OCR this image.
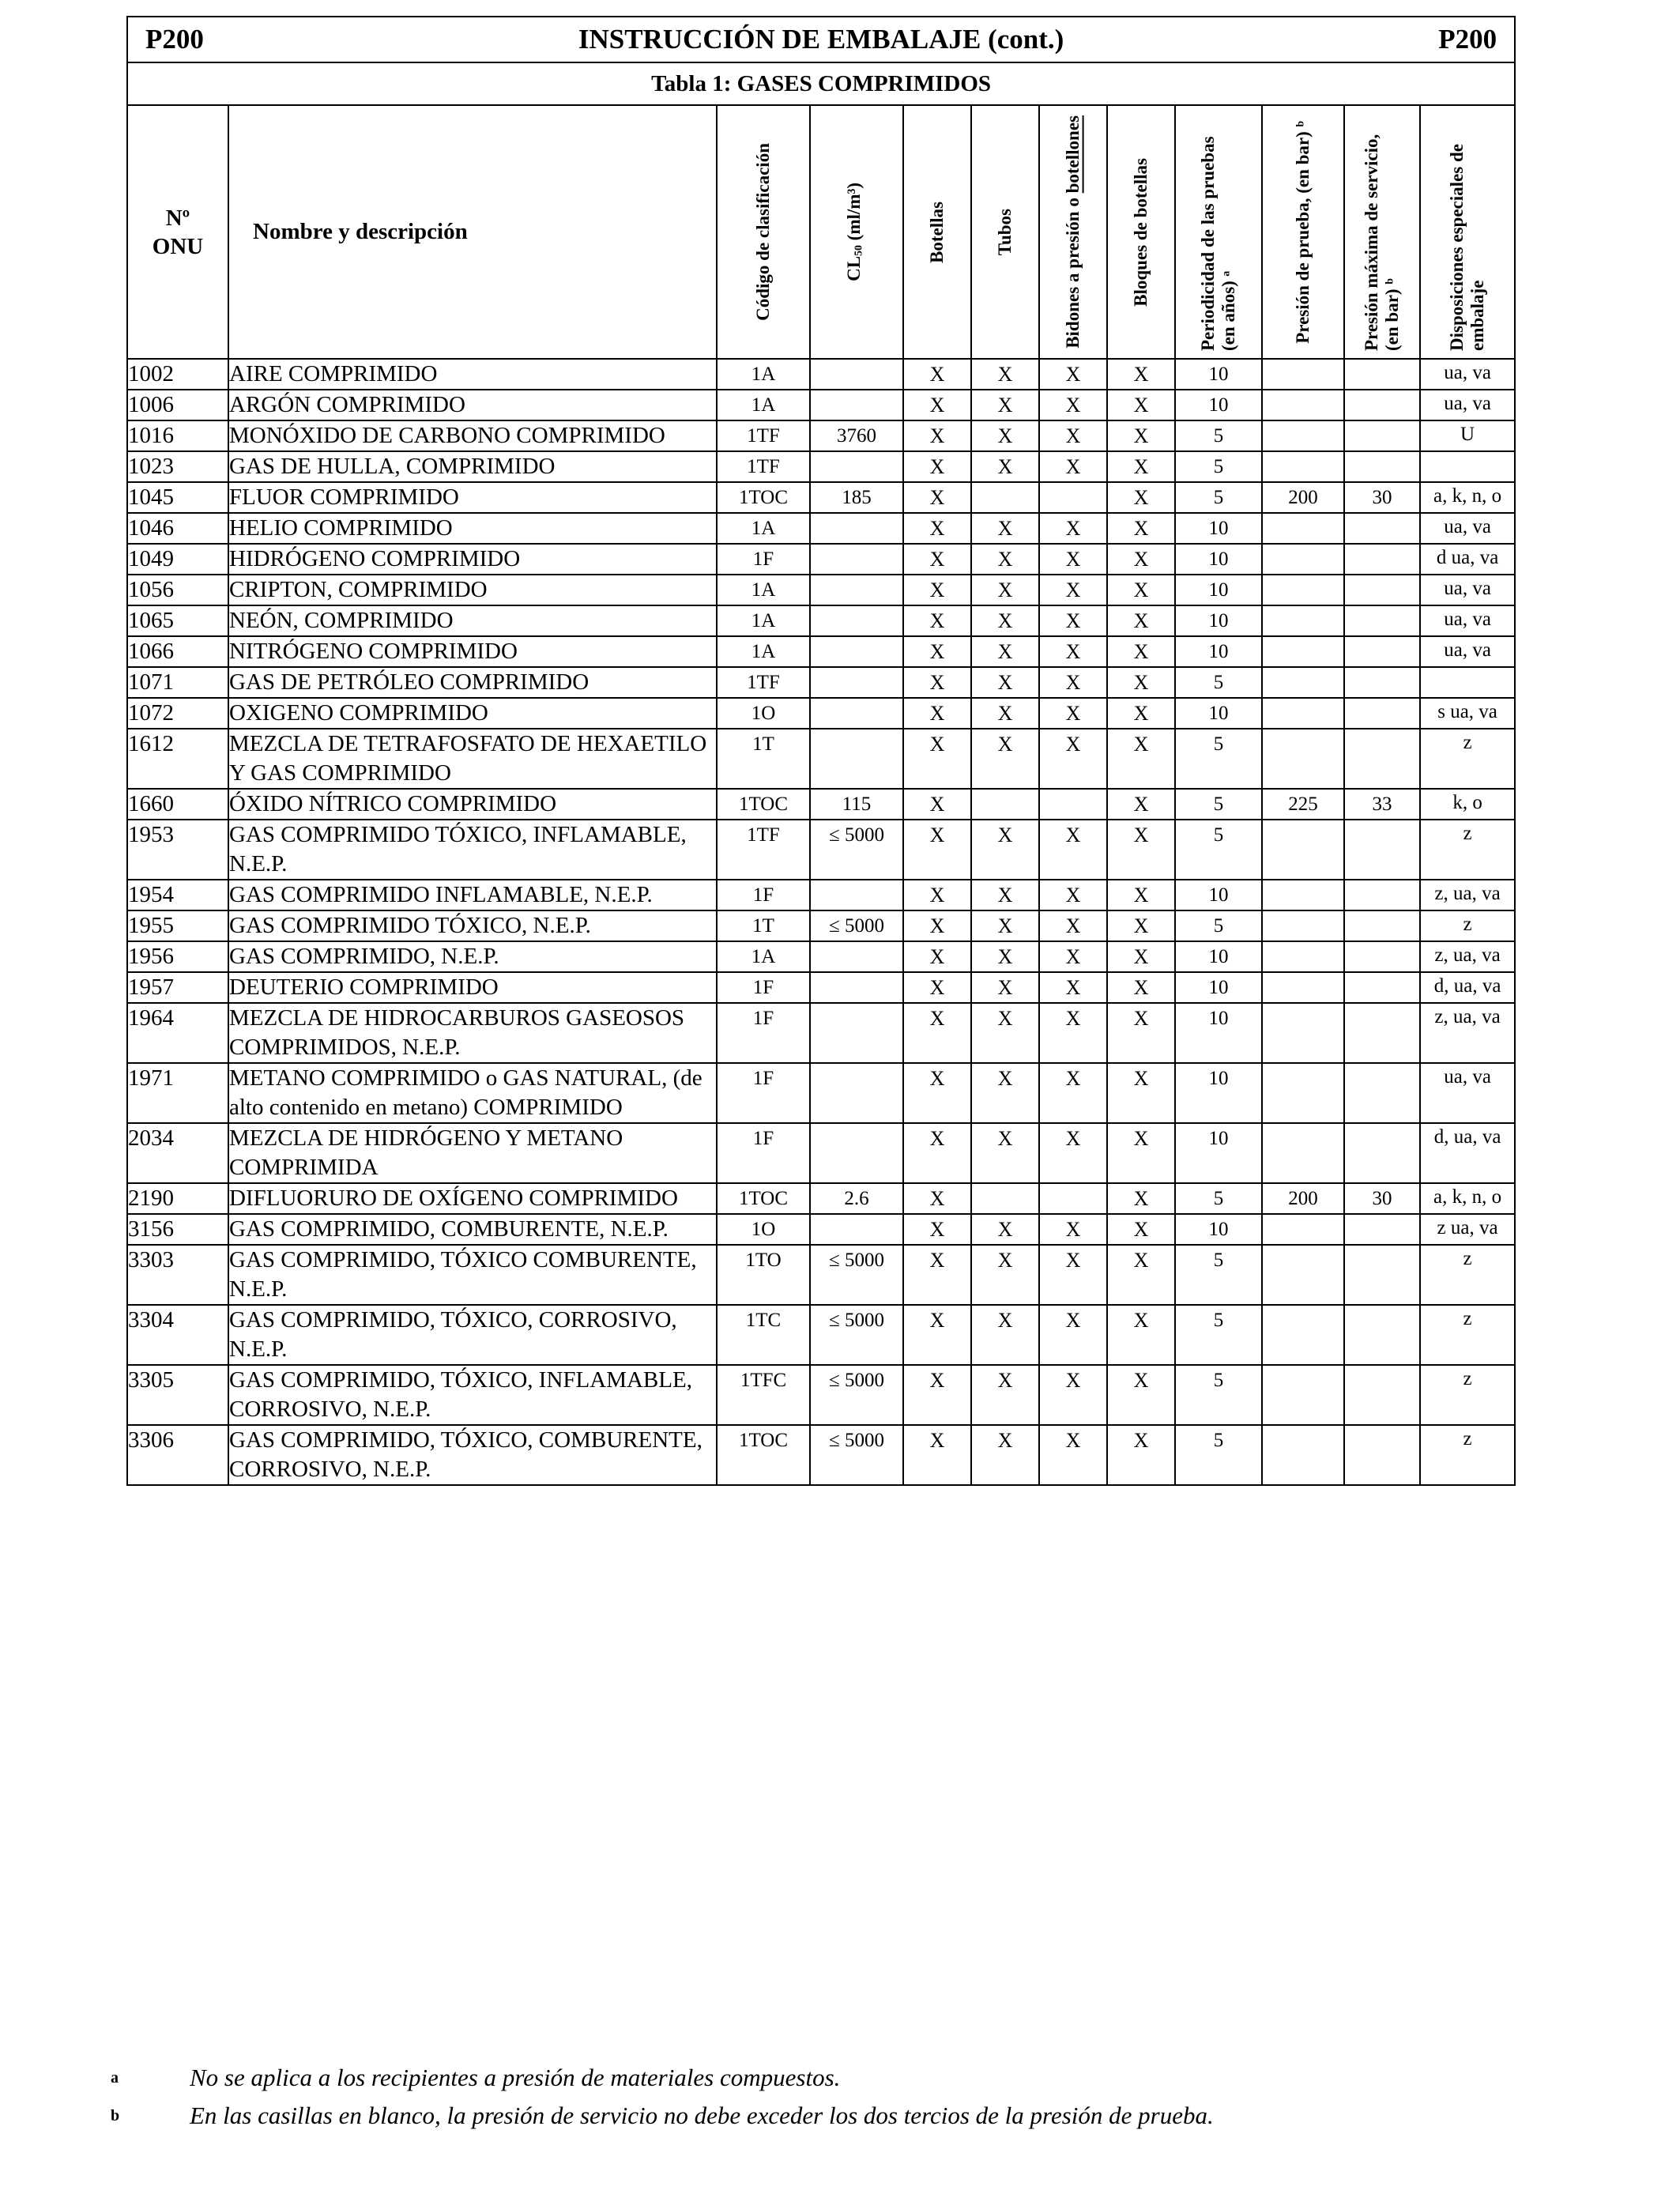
P200 INSTRUCCIÓN DE EMBALAJE (cont.) P200											

Tabla 1: GASES COMPRIMIDOS											
Nº
ONU	Nombre y descripción	Código de clasificación	$CL_{50}$ (ml/m³)	Botellas	Tubos	Bidones a presión o botellones	Bloques de botellas	Periodicidad de las pruebas (en años) ᵃ	Presión de prueba, (en bar) ᵇ	Presión máxima de servicio, (en bar) ᵇ	Disposiciones especiales de embalaje

1002	AIRE COMPRIMIDO	1A		X	X	X	X	10			ua, va
1006	ARGÓN COMPRIMIDO	1A		X	X	X	X	10			ua, va
1016	MONÓXIDO DE CARBONO COMPRIMIDO	1TF	3760	X	X	X	X	5			U
1023	GAS DE HULLA, COMPRIMIDO	1TF		X	X	X	X	5			
1045	FLUOR COMPRIMIDO	1TOC	185	X			X	5	200	30	a, k, n, o
1046	HELIO COMPRIMIDO	1A		X	X	X	X	10			ua, va
1049	HIDRÓGENO COMPRIMIDO	1F		X	X	X	X	10			d ua, va
1056	CRIPTON, COMPRIMIDO	1A		X	X	X	X	10			ua, va
1065	NEÓN, COMPRIMIDO	1A		X	X	X	X	10			ua, va
1066	NITRÓGENO COMPRIMIDO	1A		X	X	X	X	10			ua, va
1071	GAS DE PETRÓLEO COMPRIMIDO	1TF		X	X	X	X	5			
1072	OXIGENO COMPRIMIDO	1O		X	X	X	X	10			s ua, va
1612	MEZCLA DE TETRAFOSFATO DE HEXAETILO Y GAS COMPRIMIDO	1T		X	X	X	X	5			z
1660	ÓXIDO NÍTRICO COMPRIMIDO	1TOC	115	X			X	5	225	33	k, o
1953	GAS COMPRIMIDO TÓXICO, INFLAMABLE, N.E.P.	1TF	≤ 5000	X	X	X	X	5			z
1954	GAS COMPRIMIDO INFLAMABLE, N.E.P.	1F		X	X	X	X	10			z, ua, va
1955	GAS COMPRIMIDO TÓXICO, N.E.P.	1T	≤ 5000	X	X	X	X	5			z
1956	GAS COMPRIMIDO, N.E.P.	1A		X	X	X	X	10			z, ua, va
1957	DEUTERIO COMPRIMIDO	1F		X	X	X	X	10			d, ua, va
1964	MEZCLA DE HIDROCARBUROS GASEOSOS COMPRIMIDOS, N.E.P.	1F		X	X	X	X	10			z, ua, va
1971	METANO COMPRIMIDO o GAS NATURAL, (de alto contenido en metano) COMPRIMIDO	1F		X	X	X	X	10			ua, va
2034	MEZCLA DE HIDRÓGENO Y METANO COMPRIMIDA	1F		X	X	X	X	10			d, ua, va
2190	DIFLUORURO DE OXÍGENO COMPRIMIDO	1TOC	2.6	X			X	5	200	30	a, k, n, o
3156	GAS COMPRIMIDO, COMBURENTE, N.E.P.	1O		X	X	X	X	10			z ua, va
3303	GAS COMPRIMIDO, TÓXICO COMBURENTE, N.E.P.	1TO	≤ 5000	X	X	X	X	5			z
3304	GAS COMPRIMIDO, TÓXICO, CORROSIVO, N.E.P.	1TC	≤ 5000	X	X	X	X	5			z
3305	GAS COMPRIMIDO, TÓXICO, INFLAMABLE, CORROSIVO, N.E.P.	1TFC	≤ 5000	X	X	X	X	5			z
3306	GAS COMPRIMIDO, TÓXICO, COMBURENTE, CORROSIVO, N.E.P.	1TOC	≤ 5000	X	X	X	X	5			z
a	No se aplica a los recipientes a presión de materiales compuestos.
b	En las casillas en blanco, la presión de servicio no debe exceder los dos tercios de la presión de prueba.
